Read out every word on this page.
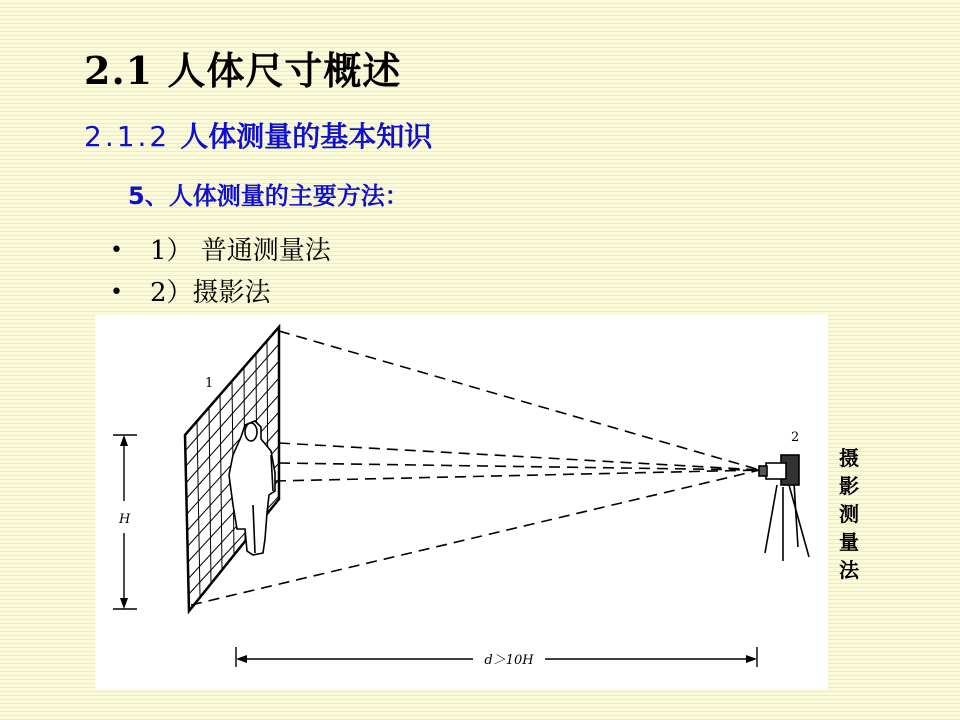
2.1 人体尺寸概述
2.1.2 人体测量的基本知识
5、人体测量的主要方法：
• 1） 普通测量法
• 2）摄影法
1
2
H
d＞10H
摄影测量法
